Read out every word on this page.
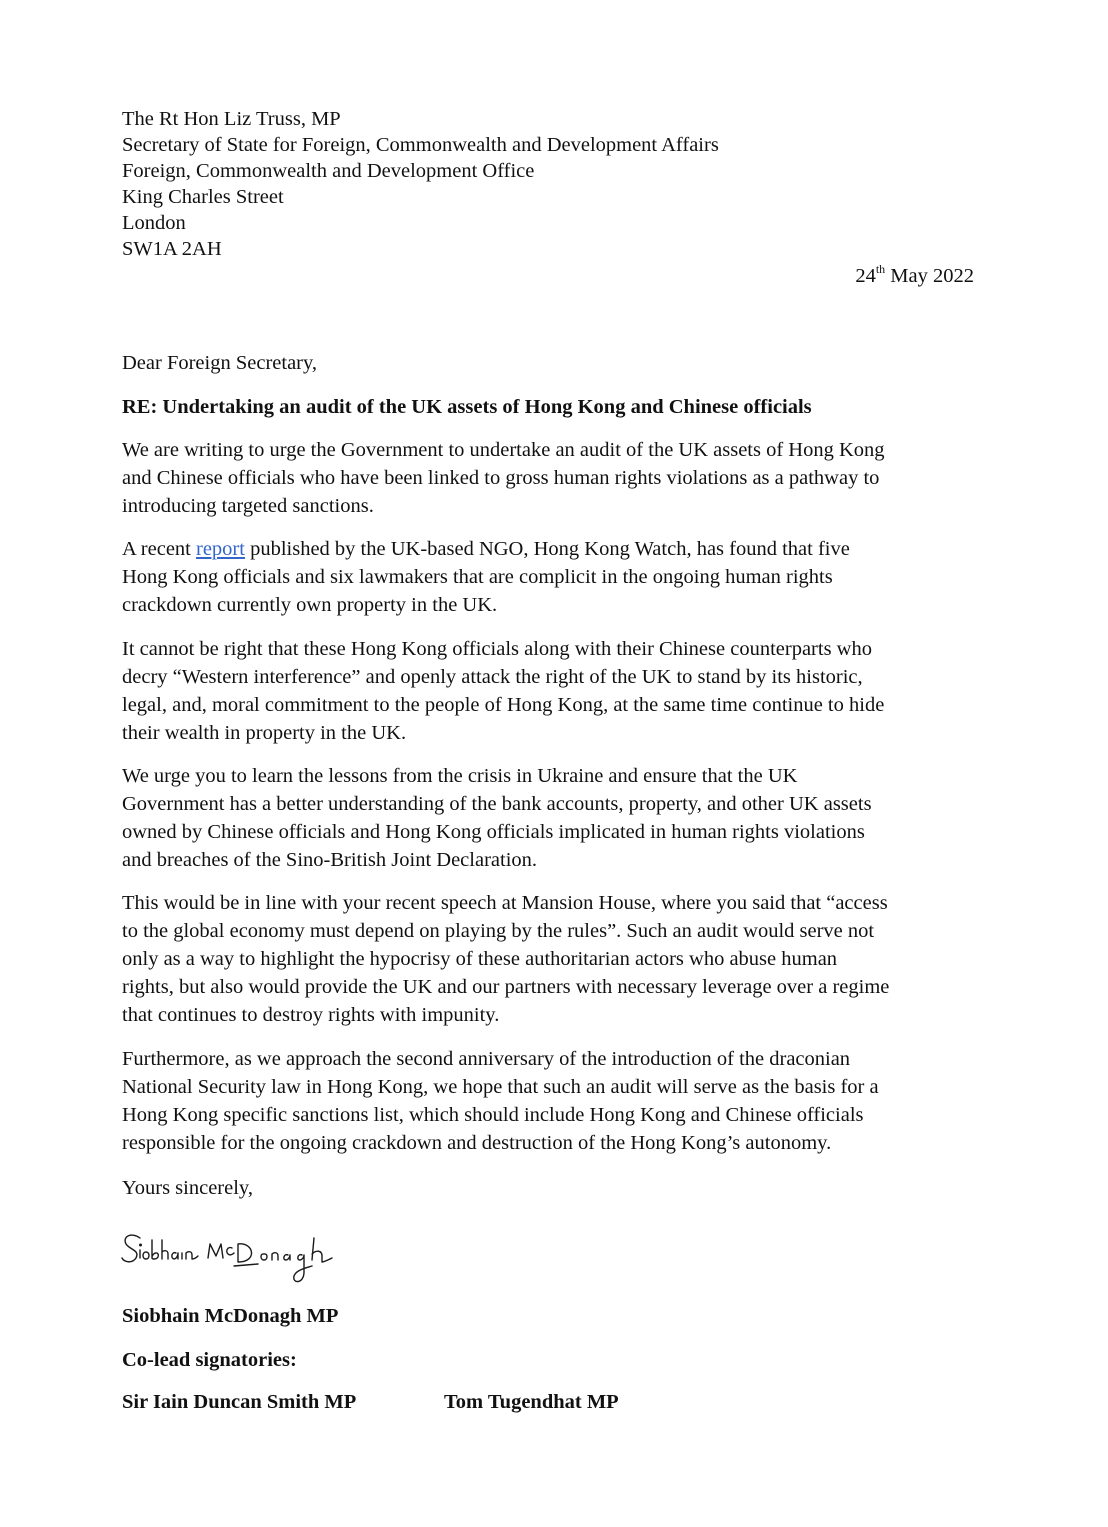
The Rt Hon Liz Truss, MP
Secretary of State for Foreign, Commonwealth and Development Affairs
Foreign, Commonwealth and Development Office
King Charles Street
London
SW1A 2AH
24th May 2022
Dear Foreign Secretary,
RE: Undertaking an audit of the UK assets of Hong Kong and Chinese officials
We are writing to urge the Government to undertake an audit of the UK assets of Hong Kong
and Chinese officials who have been linked to gross human rights violations as a pathway to
introducing targeted sanctions.
A recent report published by the UK-based NGO, Hong Kong Watch, has found that five
Hong Kong officials and six lawmakers that are complicit in the ongoing human rights
crackdown currently own property in the UK.
It cannot be right that these Hong Kong officials along with their Chinese counterparts who
decry “Western interference” and openly attack the right of the UK to stand by its historic,
legal, and, moral commitment to the people of Hong Kong, at the same time continue to hide
their wealth in property in the UK.
We urge you to learn the lessons from the crisis in Ukraine and ensure that the UK
Government has a better understanding of the bank accounts, property, and other UK assets
owned by Chinese officials and Hong Kong officials implicated in human rights violations
and breaches of the Sino-British Joint Declaration.
This would be in line with your recent speech at Mansion House, where you said that “access
to the global economy must depend on playing by the rules”. Such an audit would serve not
only as a way to highlight the hypocrisy of these authoritarian actors who abuse human
rights, but also would provide the UK and our partners with necessary leverage over a regime
that continues to destroy rights with impunity.
Furthermore, as we approach the second anniversary of the introduction of the draconian
National Security law in Hong Kong, we hope that such an audit will serve as the basis for a
Hong Kong specific sanctions list, which should include Hong Kong and Chinese officials
responsible for the ongoing crackdown and destruction of the Hong Kong’s autonomy.
Yours sincerely,
Siobhain McDonagh MP
Co-lead signatories:
Sir Iain Duncan Smith MP	Tom Tugendhat MP
